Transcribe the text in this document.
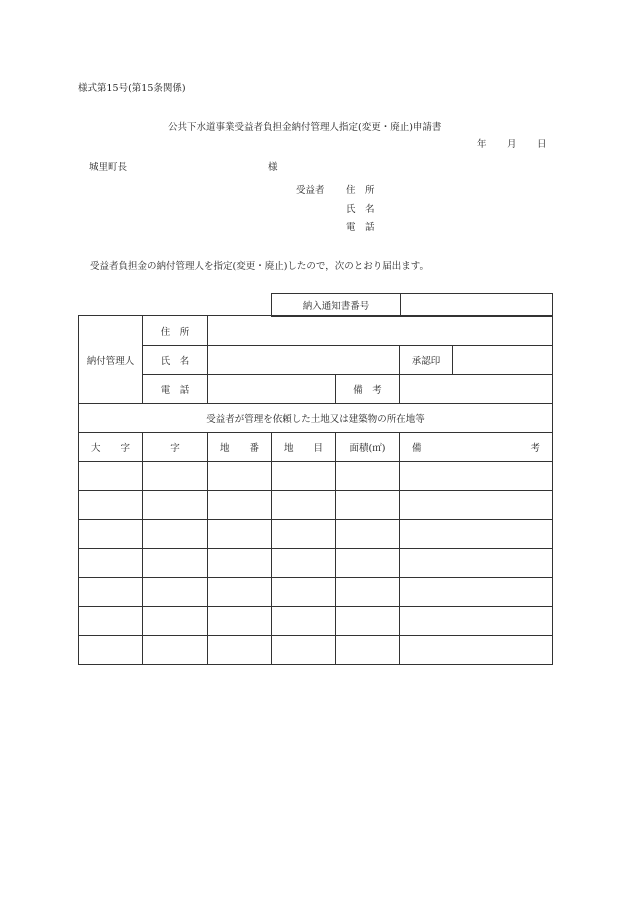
様式第15号(第15条関係)
公共下水道事業受益者負担金納付管理人指定(変更・廃止)申請書
年 月 日
城里町長	様
受益者 住　所
氏　名
電　話
受益者負担金の納付管理人を指定(変更・廃止)したので，次のとおり届出ます。
納入通知書番号	
納付管理人	住　所					
	氏　名				承認印	
	電　話			備　考		
受益者が管理を依頼した土地又は建築物の所在地等						

大 字	字	地 番	地 目	面積(㎡)	備 考	
